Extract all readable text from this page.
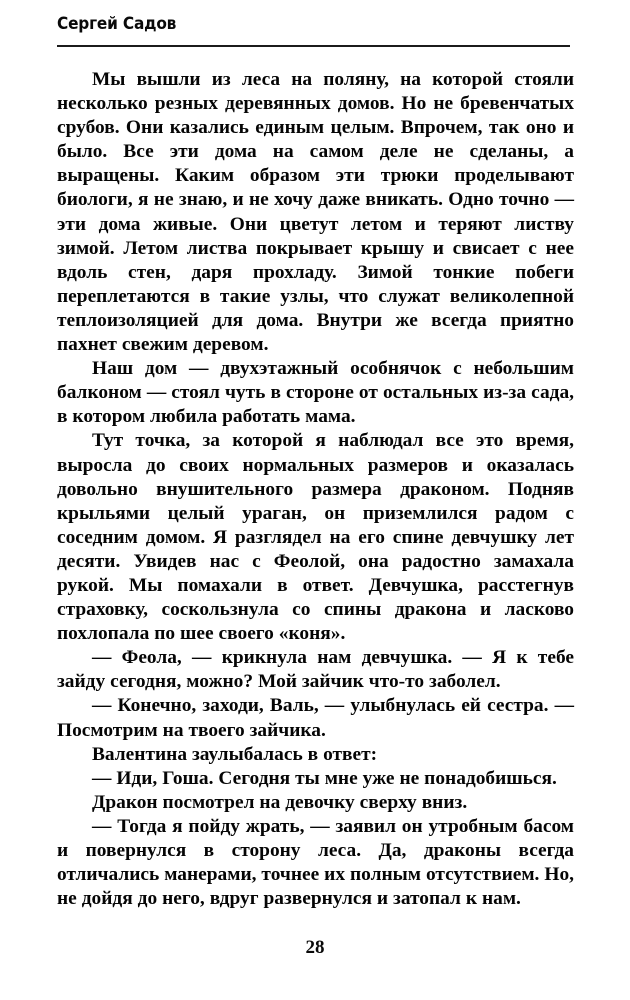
Сергей Садов

Мы вышли из леса на поляну, на которой стояли несколько резных деревянных домов. Но не бревенчатых срубов. Они казались единым целым. Впрочем, так оно и было. Все эти дома на самом деле не сделаны, а выращены. Каким образом эти трюки проделывают биологи, я не знаю, и не хочу даже вникать. Одно точно — эти дома живые. Они цветут летом и теряют листву зимой. Летом листва покрывает крышу и свисает с нее вдоль стен, даря прохладу. Зимой тонкие побеги переплетаются в такие узлы, что служат великолепной теплоизоляцией для дома. Внутри же всегда приятно пахнет свежим деревом.

Наш дом — двухэтажный особнячок с небольшим балконом — стоял чуть в стороне от остальных из-за сада, в котором любила работать мама.

Тут точка, за которой я наблюдал все это время, выросла до своих нормальных размеров и оказалась довольно внушительного размера драконом. Подняв крыльями целый ураган, он приземлился радом с соседним домом. Я разглядел на его спине девчушку лет десяти. Увидев нас с Феолой, она радостно замахала рукой. Мы помахали в ответ. Девчушка, расстегнув страховку, соскользнула со спины дракона и ласково похлопала по шее своего «коня».

— Феола, — крикнула нам девчушка. — Я к тебе зайду сегодня, можно? Мой зайчик что-то заболел.

— Конечно, заходи, Валь, — улыбнулась ей сестра. — Посмотрим на твоего зайчика.

Валентина заулыбалась в ответ:

— Иди, Гоша. Сегодня ты мне уже не понадобишься.

Дракон посмотрел на девочку сверху вниз.

— Тогда я пойду жрать, — заявил он утробным басом и повернулся в сторону леса. Да, драконы всегда отличались манерами, точнее их полным отсутствием. Но, не дойдя до него, вдруг развернулся и затопал к нам.

28
